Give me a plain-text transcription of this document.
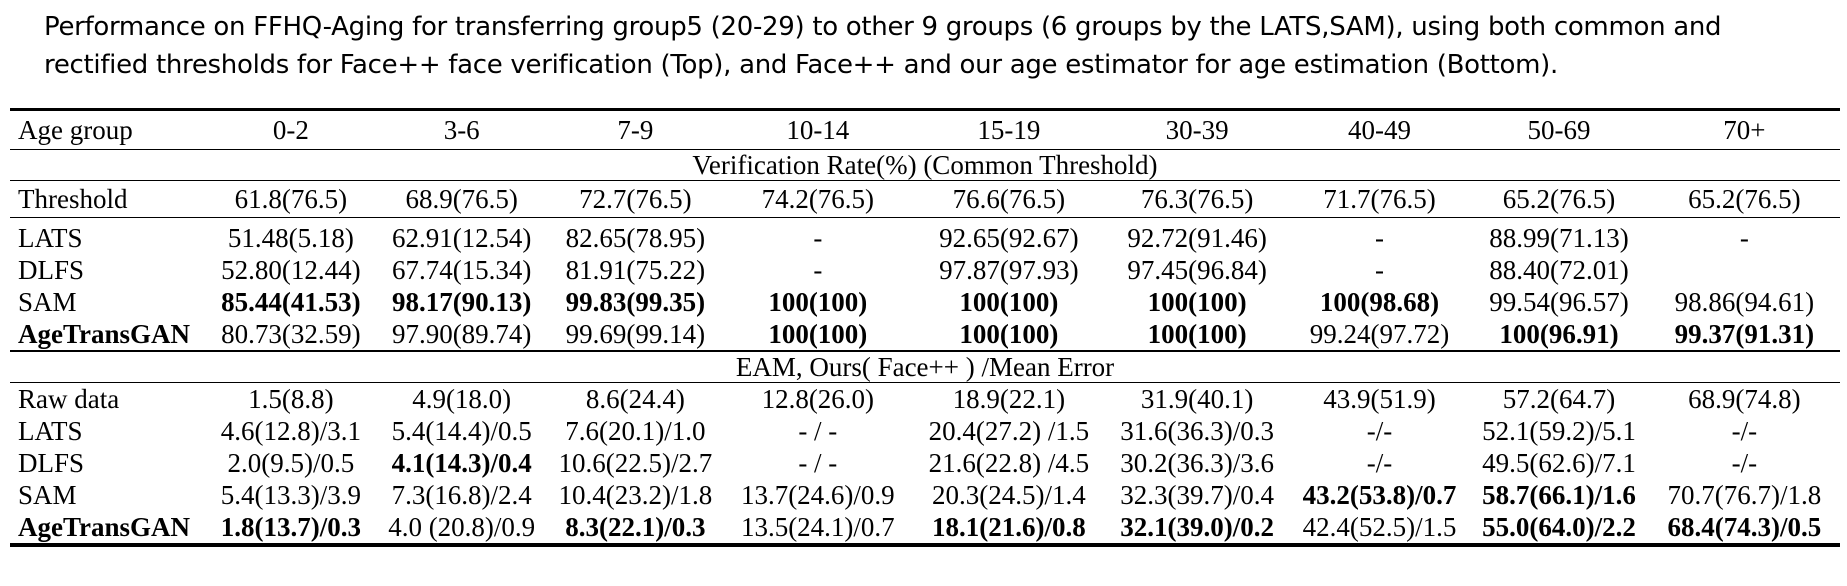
Performance on FFHQ-Aging for transferring group5 (20-29) to other 9 groups (6 groups by the LATS,SAM), using both common and
rectified thresholds for Face++ face verification (Top), and Face++ and our age estimator for age estimation (Bottom).
Age group	0-2	3-6	7-9	10-14	15-19	30-39	40-49	50-69	70+
Verification Rate(%) (Common Threshold)									
Threshold	61.8(76.5)	68.9(76.5)	72.7(76.5)	74.2(76.5)	76.6(76.5)	76.3(76.5)	71.7(76.5)	65.2(76.5)	65.2(76.5)
LATS	51.48(5.18)	62.91(12.54)	82.65(78.95)	-	92.65(92.67)	92.72(91.46)	-	88.99(71.13)	-
DLFS	52.80(12.44)	67.74(15.34)	81.91(75.22)	-	97.87(97.93)	97.45(96.84)	-	88.40(72.01)	
SAM	85.44(41.53)	98.17(90.13)	99.83(99.35)	100(100)	100(100)	100(100)	100(98.68)	99.54(96.57)	98.86(94.61)
AgeTransGAN	80.73(32.59)	97.90(89.74)	99.69(99.14)	100(100)	100(100)	100(100)	99.24(97.72)	100(96.91)	99.37(91.31)
EAM, Ours( Face++ ) /Mean Error									
Raw data	1.5(8.8)	4.9(18.0)	8.6(24.4)	12.8(26.0)	18.9(22.1)	31.9(40.1)	43.9(51.9)	57.2(64.7)	68.9(74.8)
LATS	4.6(12.8)/3.1	5.4(14.4)/0.5	7.6(20.1)/1.0	- / -	20.4(27.2) /1.5	31.6(36.3)/0.3	-/-	52.1(59.2)/5.1	-/-
DLFS	2.0(9.5)/0.5	4.1(14.3)/0.4	10.6(22.5)/2.7	- / -	21.6(22.8) /4.5	30.2(36.3)/3.6	-/-	49.5(62.6)/7.1	-/-
SAM	5.4(13.3)/3.9	7.3(16.8)/2.4	10.4(23.2)/1.8	13.7(24.6)/0.9	20.3(24.5)/1.4	32.3(39.7)/0.4	43.2(53.8)/0.7	58.7(66.1)/1.6	70.7(76.7)/1.8
AgeTransGAN	1.8(13.7)/0.3	4.0 (20.8)/0.9	8.3(22.1)/0.3	13.5(24.1)/0.7	18.1(21.6)/0.8	32.1(39.0)/0.2	42.4(52.5)/1.5	55.0(64.0)/2.2	68.4(74.3)/0.5
